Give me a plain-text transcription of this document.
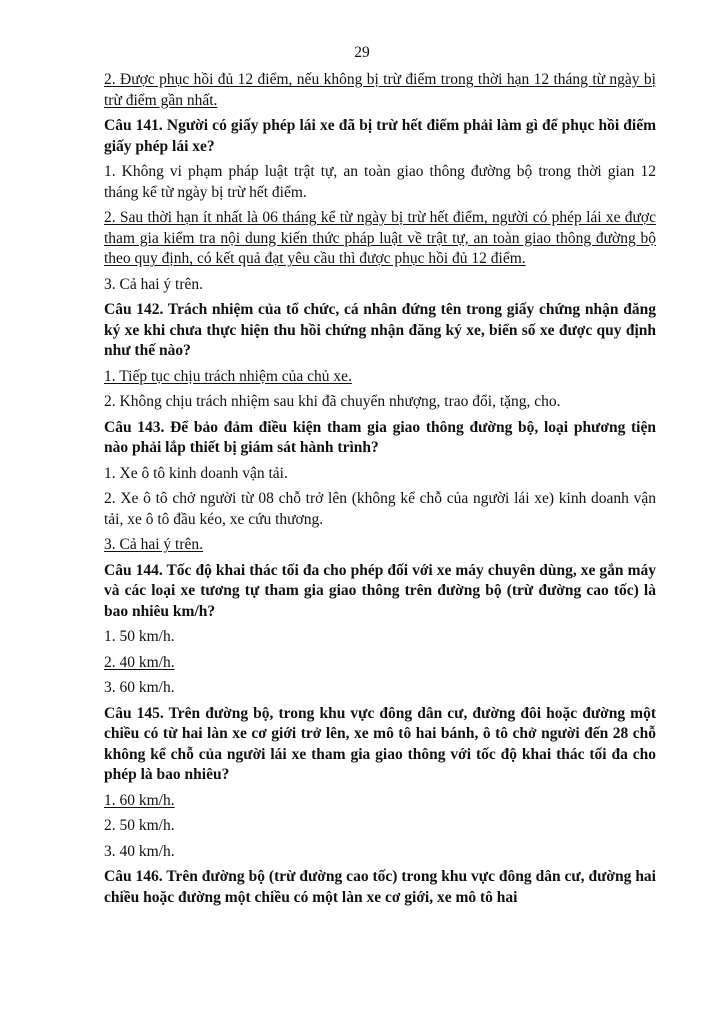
29

2. Được phục hồi đủ 12 điểm, nếu không bị trừ điểm trong thời hạn 12 tháng từ ngày bị trừ điểm gần nhất.

Câu 141. Người có giấy phép lái xe đã bị trừ hết điểm phải làm gì để phục hồi điểm giấy phép lái xe?

1. Không vi phạm pháp luật trật tự, an toàn giao thông đường bộ trong thời gian 12 tháng kể từ ngày bị trừ hết điểm.

2. Sau thời hạn ít nhất là 06 tháng kể từ ngày bị trừ hết điểm, người có phép lái xe được tham gia kiểm tra nội dung kiến thức pháp luật về trật tự, an toàn giao thông đường bộ theo quy định, có kết quả đạt yêu cầu thì được phục hồi đủ 12 điểm.

3. Cả hai ý trên.

Câu 142. Trách nhiệm của tổ chức, cá nhân đứng tên trong giấy chứng nhận đăng ký xe khi chưa thực hiện thu hồi chứng nhận đăng ký xe, biển số xe được quy định như thế nào?

1. Tiếp tục chịu trách nhiệm của chủ xe.

2. Không chịu trách nhiệm sau khi đã chuyển nhượng, trao đổi, tặng, cho.

Câu 143. Để bảo đảm điều kiện tham gia giao thông đường bộ, loại phương tiện nào phải lắp thiết bị giám sát hành trình?

1. Xe ô tô kinh doanh vận tải.

2. Xe ô tô chở người từ 08 chỗ trở lên (không kể chỗ của người lái xe) kinh doanh vận tải, xe ô tô đầu kéo, xe cứu thương.

3. Cả hai ý trên.

Câu 144. Tốc độ khai thác tối đa cho phép đối với xe máy chuyên dùng, xe gắn máy và các loại xe tương tự tham gia giao thông trên đường bộ (trừ đường cao tốc) là bao nhiêu km/h?

1. 50 km/h.

2. 40 km/h.

3. 60 km/h.

Câu 145. Trên đường bộ, trong khu vực đông dân cư, đường đôi hoặc đường một chiều có từ hai làn xe cơ giới trở lên, xe mô tô hai bánh, ô tô chở người đến 28 chỗ không kể chỗ của người lái xe tham gia giao thông với tốc độ khai thác tối đa cho phép là bao nhiêu?

1. 60 km/h.

2. 50 km/h.

3. 40 km/h.

Câu 146. Trên đường bộ (trừ đường cao tốc) trong khu vực đông dân cư, đường hai chiều hoặc đường một chiều có một làn xe cơ giới, xe mô tô hai
